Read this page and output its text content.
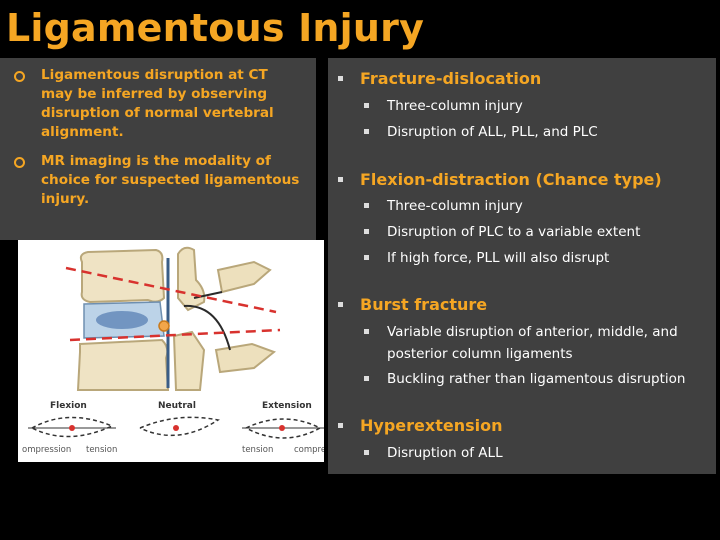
Ligamentous Injury
Ligamentous disruption at CT may be inferred by observing disruption of normal vertebral alignment.
MR imaging is the modality of choice for suspected ligamentous injury.
Flexion	Neutral	Extension
ompression tension	tension compre
Fracture-dislocation
Three-column injury
Disruption of ALL, PLL, and PLC
Flexion-distraction (Chance type)
Three-column injury
Disruption of PLC to a variable extent
If high force, PLL will also disrupt
Burst fracture
Variable disruption of anterior, middle, and posterior column ligaments
Buckling rather than ligamentous disruption
Hyperextension
Disruption of ALL
